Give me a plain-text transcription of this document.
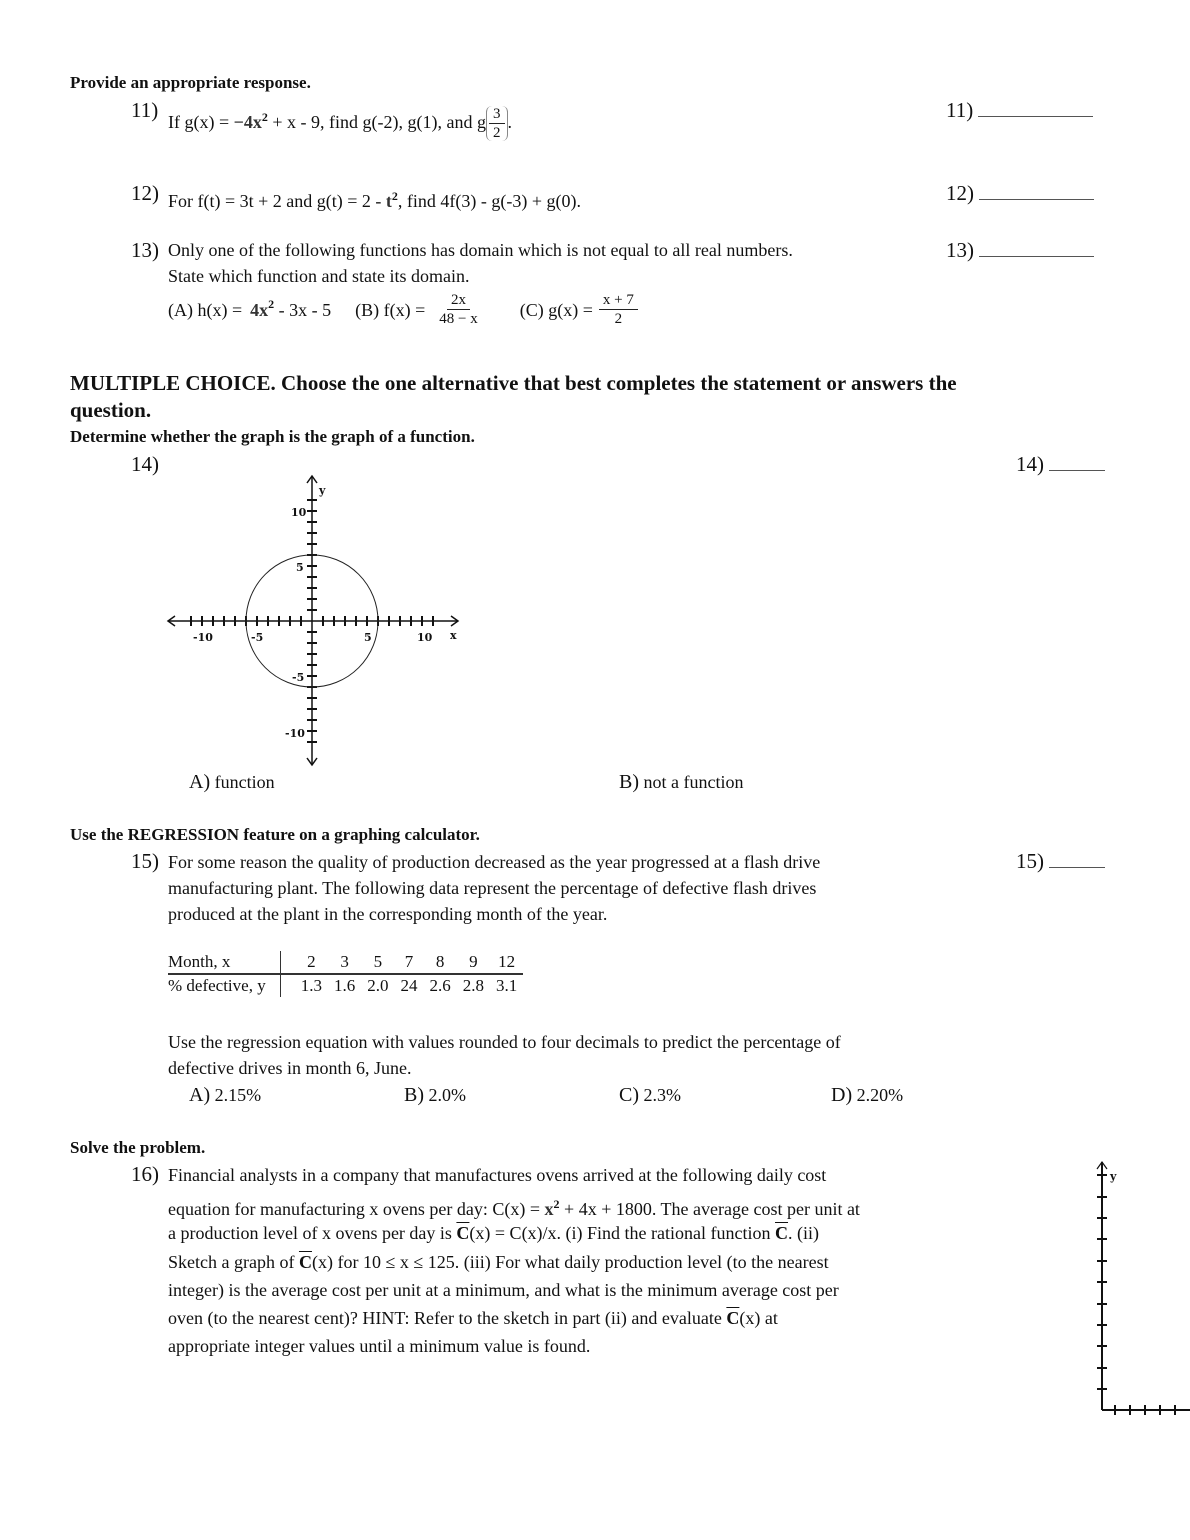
Provide an appropriate response.
11) If $g(x) = -4x^2 + x - 9$, find g(-2), g(1), and g $\frac{3}{2}$ .	11)
12) For f(t) = 3t + 2 and $g(t) = 2 - t^2$, find 4f(3) - g(-3) + g(0).	12)
13) Only one of the following functions has domain which is not equal to all real numbers.
State which function and state its domain.
(A) h(x) = 4x 2 - 3x - 5 (B) $f(x) = \frac{2x}{48 - x} (C) g(x) = \frac{x + 7}{2}$
13)
MULTIPLE CHOICE. Choose the one alternative that best completes the statement or answers the
question.
Determine whether the graph is the graph of a function.
14)	14)
-10	-5	5	10 x
10
5
-5
-10
y
A) function	B) not a function
Use the REGRESSION feature on a graphing calculator.
15) For some reason the quality of production decreased as the year progressed at a flash drive
manufacturing plant. The following data represent the percentage of defective flash drives
produced at the plant in the corresponding month of the year.
15)
Month, x	2	3	5	7	8	9	12
% defective, y	1.3	1.6	2.0	24	2.6	2.8	3.1
Use the regression equation with values rounded to four decimals to predict the percentage of
defective drives in month 6, June.
A) 2.15%	B) 2.0%	C) 2.3%	D) 2.20%
Solve the problem.
16) Financial analysts in a company that manufactures ovens arrived at the following daily cost
equation for manufacturing x ovens per day: $C(x) = x^2 + 4x + 1800$. The average cost per unit at
a production level of x ovens per day is $\overline{C}(x) = C(x)/x$. (i) Find the rational function $\overline{C}$. (ii)
Sketch a graph of $\overline{C}(x)$ for 10 ≤ x ≤ 125. (iii) For what daily production level (to the nearest
integer) is the average cost per unit at a minimum, and what is the minimum average cost per
oven (to the nearest cent)? HINT: Refer to the sketch in part (ii) and evaluate $\overline{C}(x)$ at
appropriate integer values until a minimum value is found.
y
